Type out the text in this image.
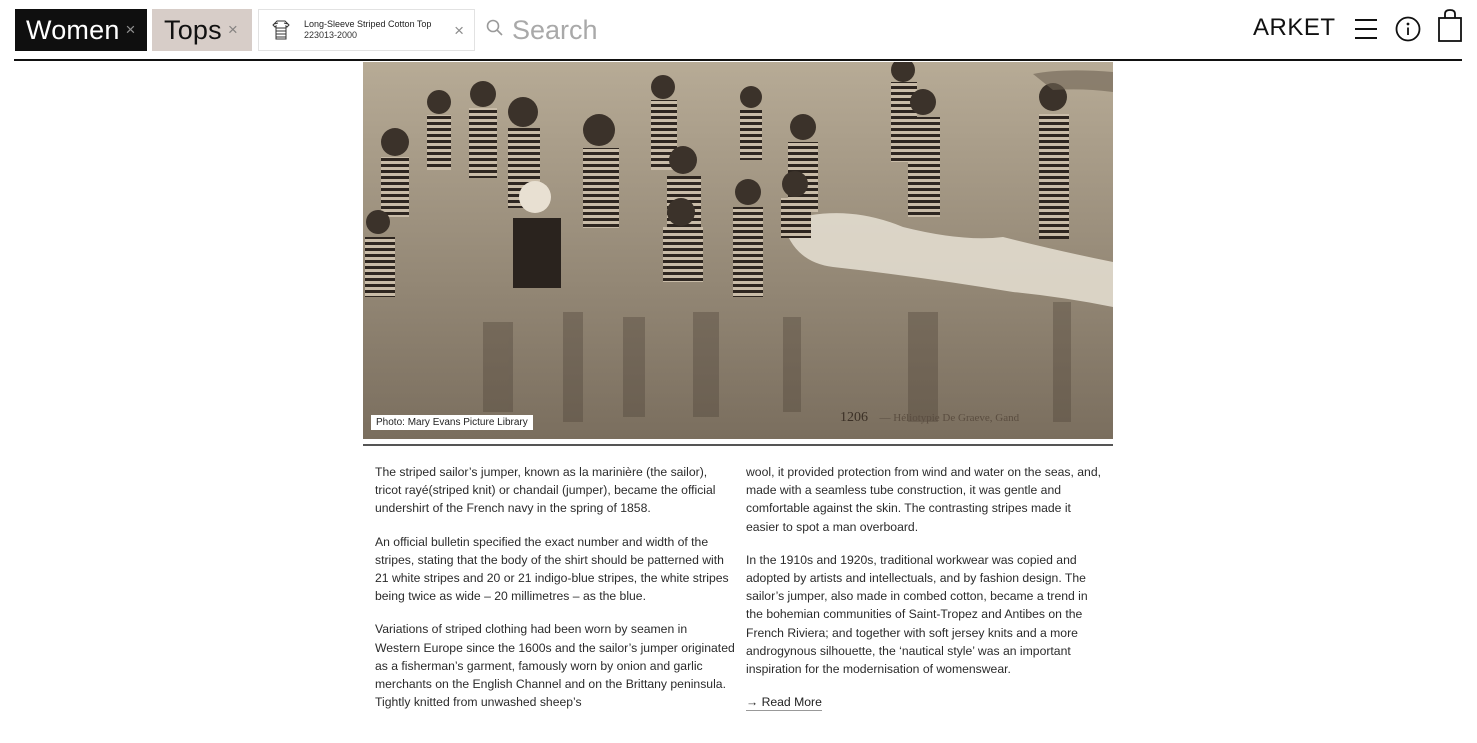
Women × Tops ×	Long-Sleeve Striped Cotton Top
223013-2000	× Search	ARKET
Photo: Mary Evans Picture Library	1206 — Héliotypie De Graeve, Gand

The striped sailor’s jumper, known as la marinière (the sailor), tricot rayé(striped knit) or chandail (jumper), became the official undershirt of the French navy in the spring of 1858.

An official bulletin specified the exact number and width of the stripes, stating that the body of the shirt should be patterned with 21 white stripes and 20 or 21 indigo-blue stripes, the white stripes being twice as wide – 20 millimetres – as the blue.

Variations of striped clothing had been worn by seamen in Western Europe since the 1600s and the sailor’s jumper originated as a fisherman’s garment, famously worn by onion and garlic merchants on the English Channel and on the Brittany peninsula. Tightly knitted from unwashed sheep’s

wool, it provided protection from wind and water on the seas, and, made with a seamless tube construction, it was gentle and comfortable against the skin. The contrasting stripes made it easier to spot a man overboard.

In the 1910s and 1920s, traditional workwear was copied and adopted by artists and intellectuals, and by fashion design. The sailor’s jumper, also made in combed cotton, became a trend in the bohemian communities of Saint-Tropez and Antibes on the French Riviera; and together with soft jersey knits and a more androgynous silhouette, the ‘nautical style’ was an important inspiration for the modernisation of womenswear.

→ Read More
